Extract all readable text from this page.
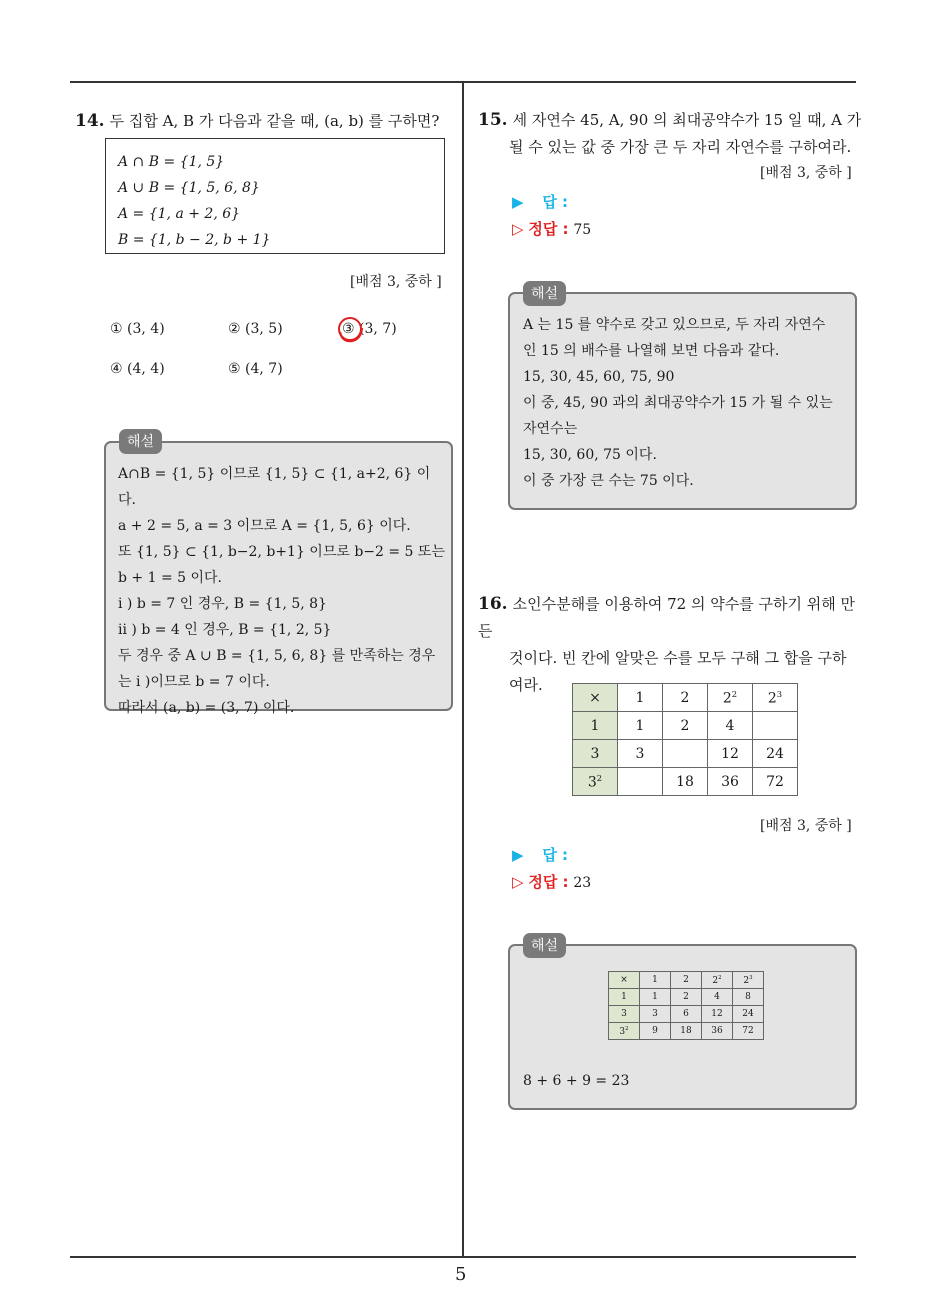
5
14. 두 집합 A, B 가 다음과 같을 때, (a, b) 를 구하면?
A ∩ B = {1, 5}
A ∪ B = {1, 5, 6, 8}
A = {1, a + 2, 6}
B = {1, b − 2, b + 1}
[배점 3, 중하 ]
① (3, 4)	② (3, 5)	③ (3, 7)
④ (4, 4)	⑤ (4, 7)
A∩B = {1, 5} 이므로 {1, 5} ⊂ {1, a+2, 6} 이다.
a + 2 = 5, a = 3 이므로 A = {1, 5, 6} 이다.
또 {1, 5} ⊂ {1, b−2, b+1} 이므로 b−2 = 5 또는
b + 1 = 5 이다.
i ) b = 7 인 경우, B = {1, 5, 8}
ii ) b = 4 인 경우, B = {1, 2, 5}
두 경우 중 A ∪ B = {1, 5, 6, 8} 를 만족하는 경우
는 i )이므로 b = 7 이다.
따라서 (a, b) = (3, 7) 이다.
해설
15. 세 자연수 45, A, 90 의 최대공약수가 15 일 때, A 가
될 수 있는 값 중 가장 큰 두 자리 자연수를 구하여라.
[배점 3, 중하 ]
▶ 답 :
▷ 정답 : 75
A 는 15 를 약수로 갖고 있으므로, 두 자리 자연수
인 15 의 배수를 나열해 보면 다음과 같다.
15, 30, 45, 60, 75, 90
이 중, 45, 90 과의 최대공약수가 15 가 될 수 있는
자연수는
15, 30, 60, 75 이다.
이 중 가장 큰 수는 75 이다.
해설
16. 소인수분해를 이용하여 72 의 약수를 구하기 위해 만든
것이다. 빈 칸에 알맞은 수를 모두 구해 그 합을 구하
여라.
×	1	2	$2^2$	$2^3$
1	1	2	4	
3	3		12	24
$3^2$		18	36	72
[배점 3, 중하 ]
▶ 답 :
▷ 정답 : 23
×	1	2	$2^2$	$2^3$
1	1	2	4	8
3	3	6	12	24
$3^2$	9	18	36	72
8 + 6 + 9 = 23
해설
